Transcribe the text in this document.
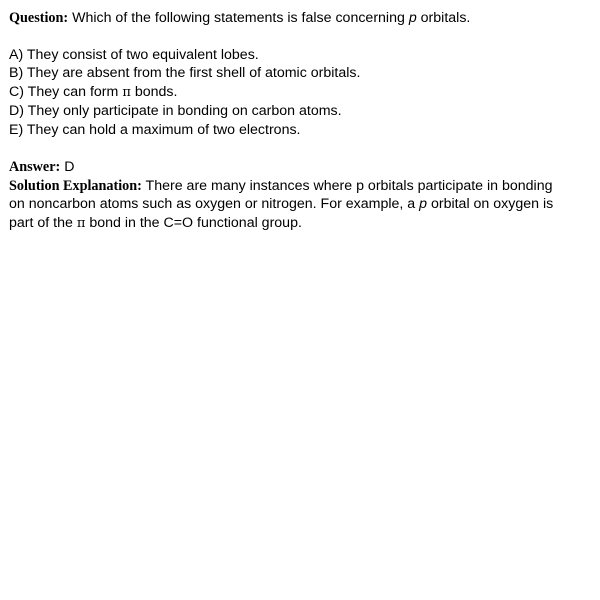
Question: Which of the following statements is false concerning p orbitals.
A) They consist of two equivalent lobes.
B) They are absent from the first shell of atomic orbitals.
C) They can form π bonds.
D) They only participate in bonding on carbon atoms.
E) They can hold a maximum of two electrons.
Answer: D
Solution Explanation: There are many instances where p orbitals participate in bonding
on noncarbon atoms such as oxygen or nitrogen. For example, a p orbital on oxygen is
part of the π bond in the C=O functional group.
